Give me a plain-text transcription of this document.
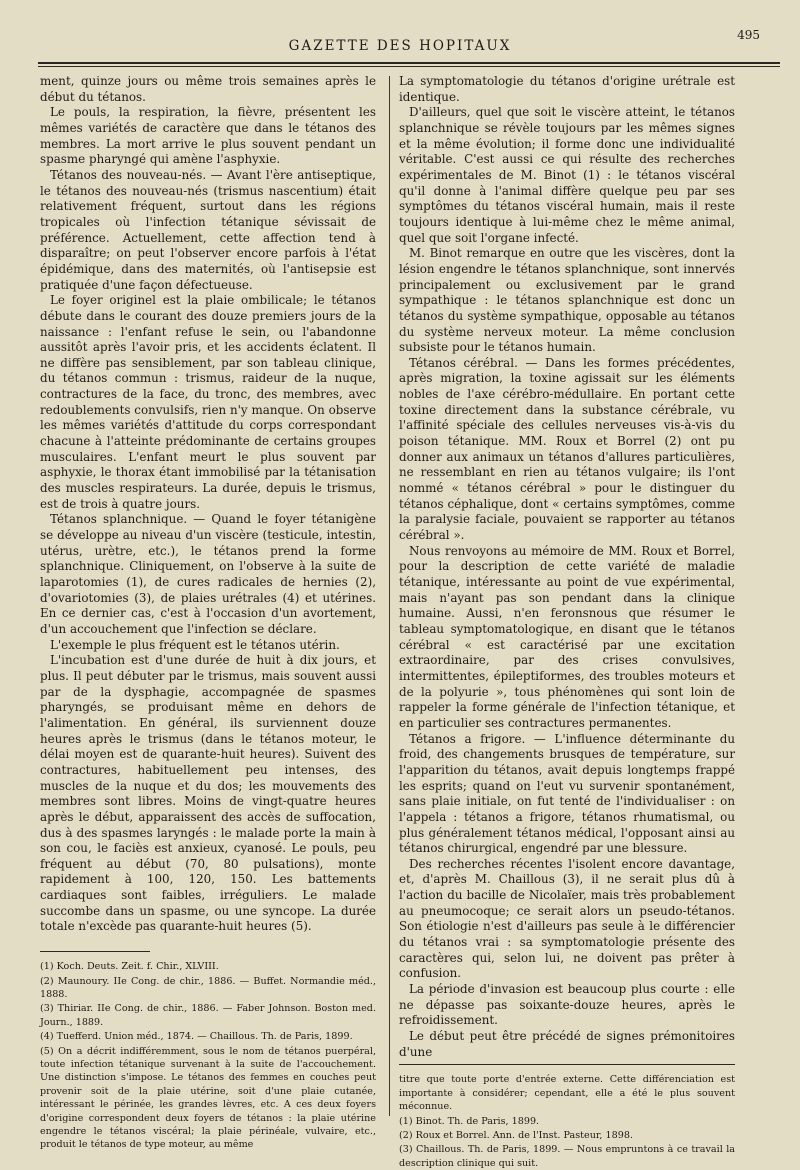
GAZETTE DES HOPITAUX
495

ment, quinze jours ou même trois semaines après le début du tétanos.

Le pouls, la respiration, la fièvre, présentent les mêmes variétés de caractère que dans le tétanos des membres. La mort arrive le plus souvent pendant un spasme pharyngé qui amène l'asphyxie.

Tétanos des nouveau-nés. — Avant l'ère antiseptique, le tétanos des nouveau-nés (trismus nascentium) était relativement fréquent, surtout dans les régions tropicales où l'infection tétanique sévissait de préférence. Actuellement, cette affection tend à disparaître; on peut l'observer encore parfois à l'état épidémique, dans des maternités, où l'antisepsie est pratiquée d'une façon défectueuse.

Le foyer originel est la plaie ombilicale; le tétanos débute dans le courant des douze premiers jours de la naissance : l'enfant refuse le sein, ou l'abandonne aussitôt après l'avoir pris, et les accidents éclatent. Il ne diffère pas sensiblement, par son tableau clinique, du tétanos commun : trismus, raideur de la nuque, contractures de la face, du tronc, des membres, avec redoublements convulsifs, rien n'y manque. On observe les mêmes variétés d'attitude du corps correspondant chacune à l'atteinte prédominante de certains groupes musculaires. L'enfant meurt le plus souvent par asphyxie, le thorax étant immobilisé par la tétanisation des muscles respirateurs. La durée, depuis le trismus, est de trois à quatre jours.

Tétanos splanchnique. — Quand le foyer tétanigène se développe au niveau d'un viscère (testicule, intestin, utérus, urètre, etc.), le tétanos prend la forme splanchnique. Cliniquement, on l'observe à la suite de laparotomies (1), de cures radicales de hernies (2), d'ovariotomies (3), de plaies urétrales (4) et utérines. En ce dernier cas, c'est à l'occasion d'un avortement, d'un accouchement que l'infection se déclare.

L'exemple le plus fréquent est le tétanos utérin.

L'incubation est d'une durée de huit à dix jours, et plus. Il peut débuter par le trismus, mais souvent aussi par de la dysphagie, accompagnée de spasmes pharyngés, se produisant même en dehors de l'alimentation. En général, ils surviennent douze heures après le trismus (dans le tétanos moteur, le délai moyen est de quarante-huit heures). Suivent des contractures, habituellement peu intenses, des muscles de la nuque et du dos; les mouvements des membres sont libres. Moins de vingt-quatre heures après le début, apparaissent des accès de suffocation, dus à des spasmes laryngés : le malade porte la main à son cou, le faciès est anxieux, cyanosé. Le pouls, peu fréquent au début (70, 80 pulsations), monte rapidement à 100, 120, 150. Les battements cardiaques sont faibles, irréguliers. Le malade succombe dans un spasme, ou une syncope. La durée totale n'excède pas quarante-huit heures (5).

(1) Koch. Deuts. Zeit. f. Chir., XLVIII.

(2) Maunoury. IIe Cong. de chir., 1886. — Buffet. Normandie méd., 1888.

(3) Thiriar. IIe Cong. de chir., 1886. — Faber Johnson. Boston med. Journ., 1889.

(4) Tuefferd. Union méd., 1874. — Chaillous. Th. de Paris, 1899.

(5) On a décrit indifféremment, sous le nom de tétanos puerpéral, toute infection tétanique survenant à la suite de l'accouchement. Une distinction s'impose. Le tétanos des femmes en couches peut provenir soit de la plaie utérine, soit d'une plaie cutanée, intéressant le périnée, les grandes lèvres, etc. A ces deux foyers d'origine correspondent deux foyers de tétanos : la plaie utérine engendre le tétanos viscéral; la plaie périnéale, vulvaire, etc., produit le tétanos de type moteur, au même

La symptomatologie du tétanos d'origine urétrale est identique.

D'ailleurs, quel que soit le viscère atteint, le tétanos splanchnique se révèle toujours par les mêmes signes et la même évolution; il forme donc une individualité véritable. C'est aussi ce qui résulte des recherches expérimentales de M. Binot (1) : le tétanos viscéral qu'il donne à l'animal diffère quelque peu par ses symptômes du tétanos viscéral humain, mais il reste toujours identique à lui-même chez le même animal, quel que soit l'organe infecté.

M. Binot remarque en outre que les viscères, dont la lésion engendre le tétanos splanchnique, sont innervés principalement ou exclusivement par le grand sympathique : le tétanos splanchnique est donc un tétanos du système sympathique, opposable au tétanos du système nerveux moteur. La même conclusion subsiste pour le tétanos humain.

Tétanos cérébral. — Dans les formes précédentes, après migration, la toxine agissait sur les éléments nobles de l'axe cérébro-médullaire. En portant cette toxine directement dans la substance cérébrale, vu l'affinité spéciale des cellules nerveuses vis-à-vis du poison tétanique. MM. Roux et Borrel (2) ont pu donner aux animaux un tétanos d'allures particulières, ne ressemblant en rien au tétanos vulgaire; ils l'ont nommé « tétanos cérébral » pour le distinguer du tétanos céphalique, dont « certains symptômes, comme la paralysie faciale, pouvaient se rapporter au tétanos cérébral ».

Nous renvoyons au mémoire de MM. Roux et Borrel, pour la description de cette variété de maladie tétanique, intéressante au point de vue expérimental, mais n'ayant pas son pendant dans la clinique humaine. Aussi, n'en feronsnous que résumer le tableau symptomatologique, en disant que le tétanos cérébral « est caractérisé par une excitation extraordinaire, par des crises convulsives, intermittentes, épileptiformes, des troubles moteurs et de la polyurie », tous phénomènes qui sont loin de rappeler la forme générale de l'infection tétanique, et en particulier ses contractures permanentes.

Tétanos a frigore. — L'influence déterminante du froid, des changements brusques de température, sur l'apparition du tétanos, avait depuis longtemps frappé les esprits; quand on l'eut vu survenir spontanément, sans plaie initiale, on fut tenté de l'individualiser : on l'appela : tétanos a frigore, tétanos rhumatismal, ou plus généralement tétanos médical, l'opposant ainsi au tétanos chirurgical, engendré par une blessure.

Des recherches récentes l'isolent encore davantage, et, d'après M. Chaillous (3), il ne serait plus dû à l'action du bacille de Nicolaïer, mais très probablement au pneumocoque; ce serait alors un pseudo-tétanos. Son étiologie n'est d'ailleurs pas seule à le différencier du tétanos vrai : sa symptomatologie présente des caractères qui, selon lui, ne doivent pas prêter à confusion.

La période d'invasion est beaucoup plus courte : elle ne dépasse pas soixante-douze heures, après le refroidissement.

Le début peut être précédé de signes prémonitoires d'une

titre que toute porte d'entrée externe. Cette différenciation est importante à considérer; cependant, elle a été le plus souvent méconnue.

(1) Binot. Th. de Paris, 1899.

(2) Roux et Borrel. Ann. de l'Inst. Pasteur, 1898.

(3) Chaillous. Th. de Paris, 1899. — Nous empruntons à ce travail la description clinique qui suit.
